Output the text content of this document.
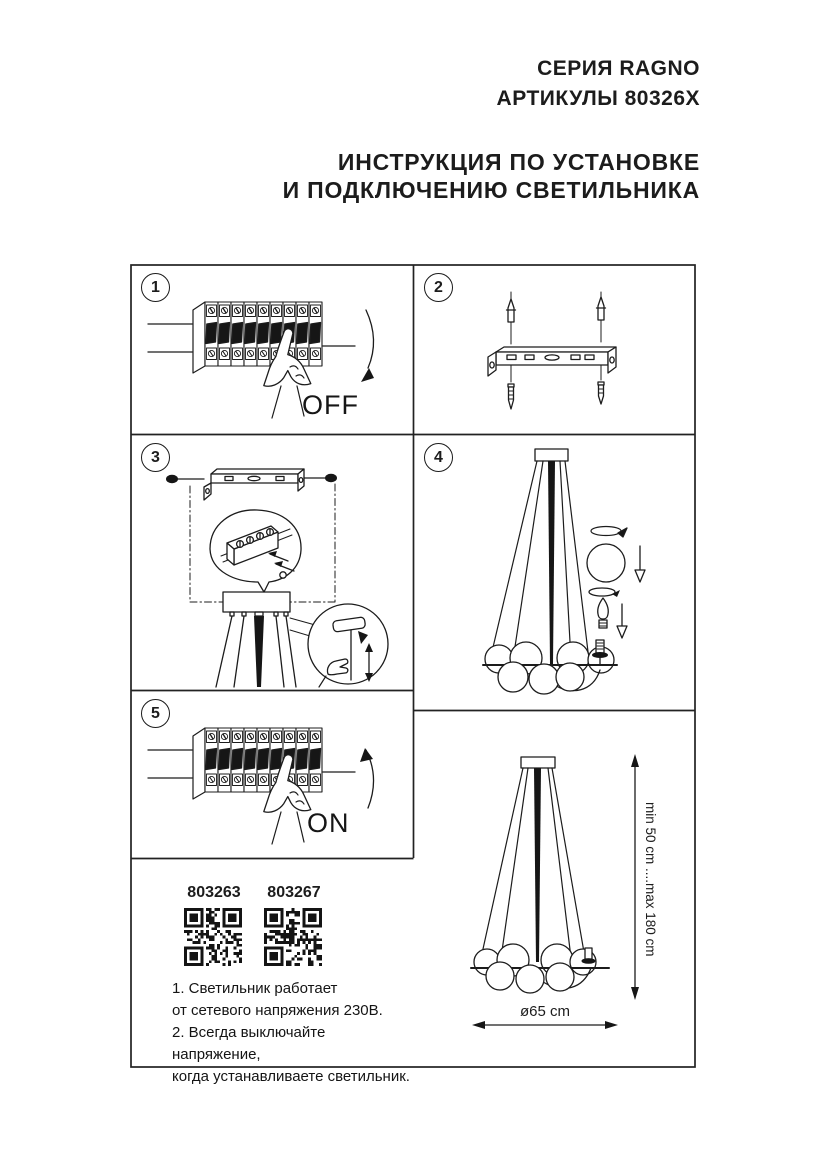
СЕРИЯ RAGNO
АРТИКУЛЫ 80326X
ИНСТРУКЦИЯ ПО УСТАНОВКЕ
И ПОДКЛЮЧЕНИЮ СВЕТИЛЬНИКА
1
OFF
2
3	4
5
ON
803263	803267
1. Светильник работает
от сетевого напряжения 230В.
2. Всегда выключайте напряжение,
когда устанавливаете светильник.
min 50 cm ....max 180 cm
ø65 cm
